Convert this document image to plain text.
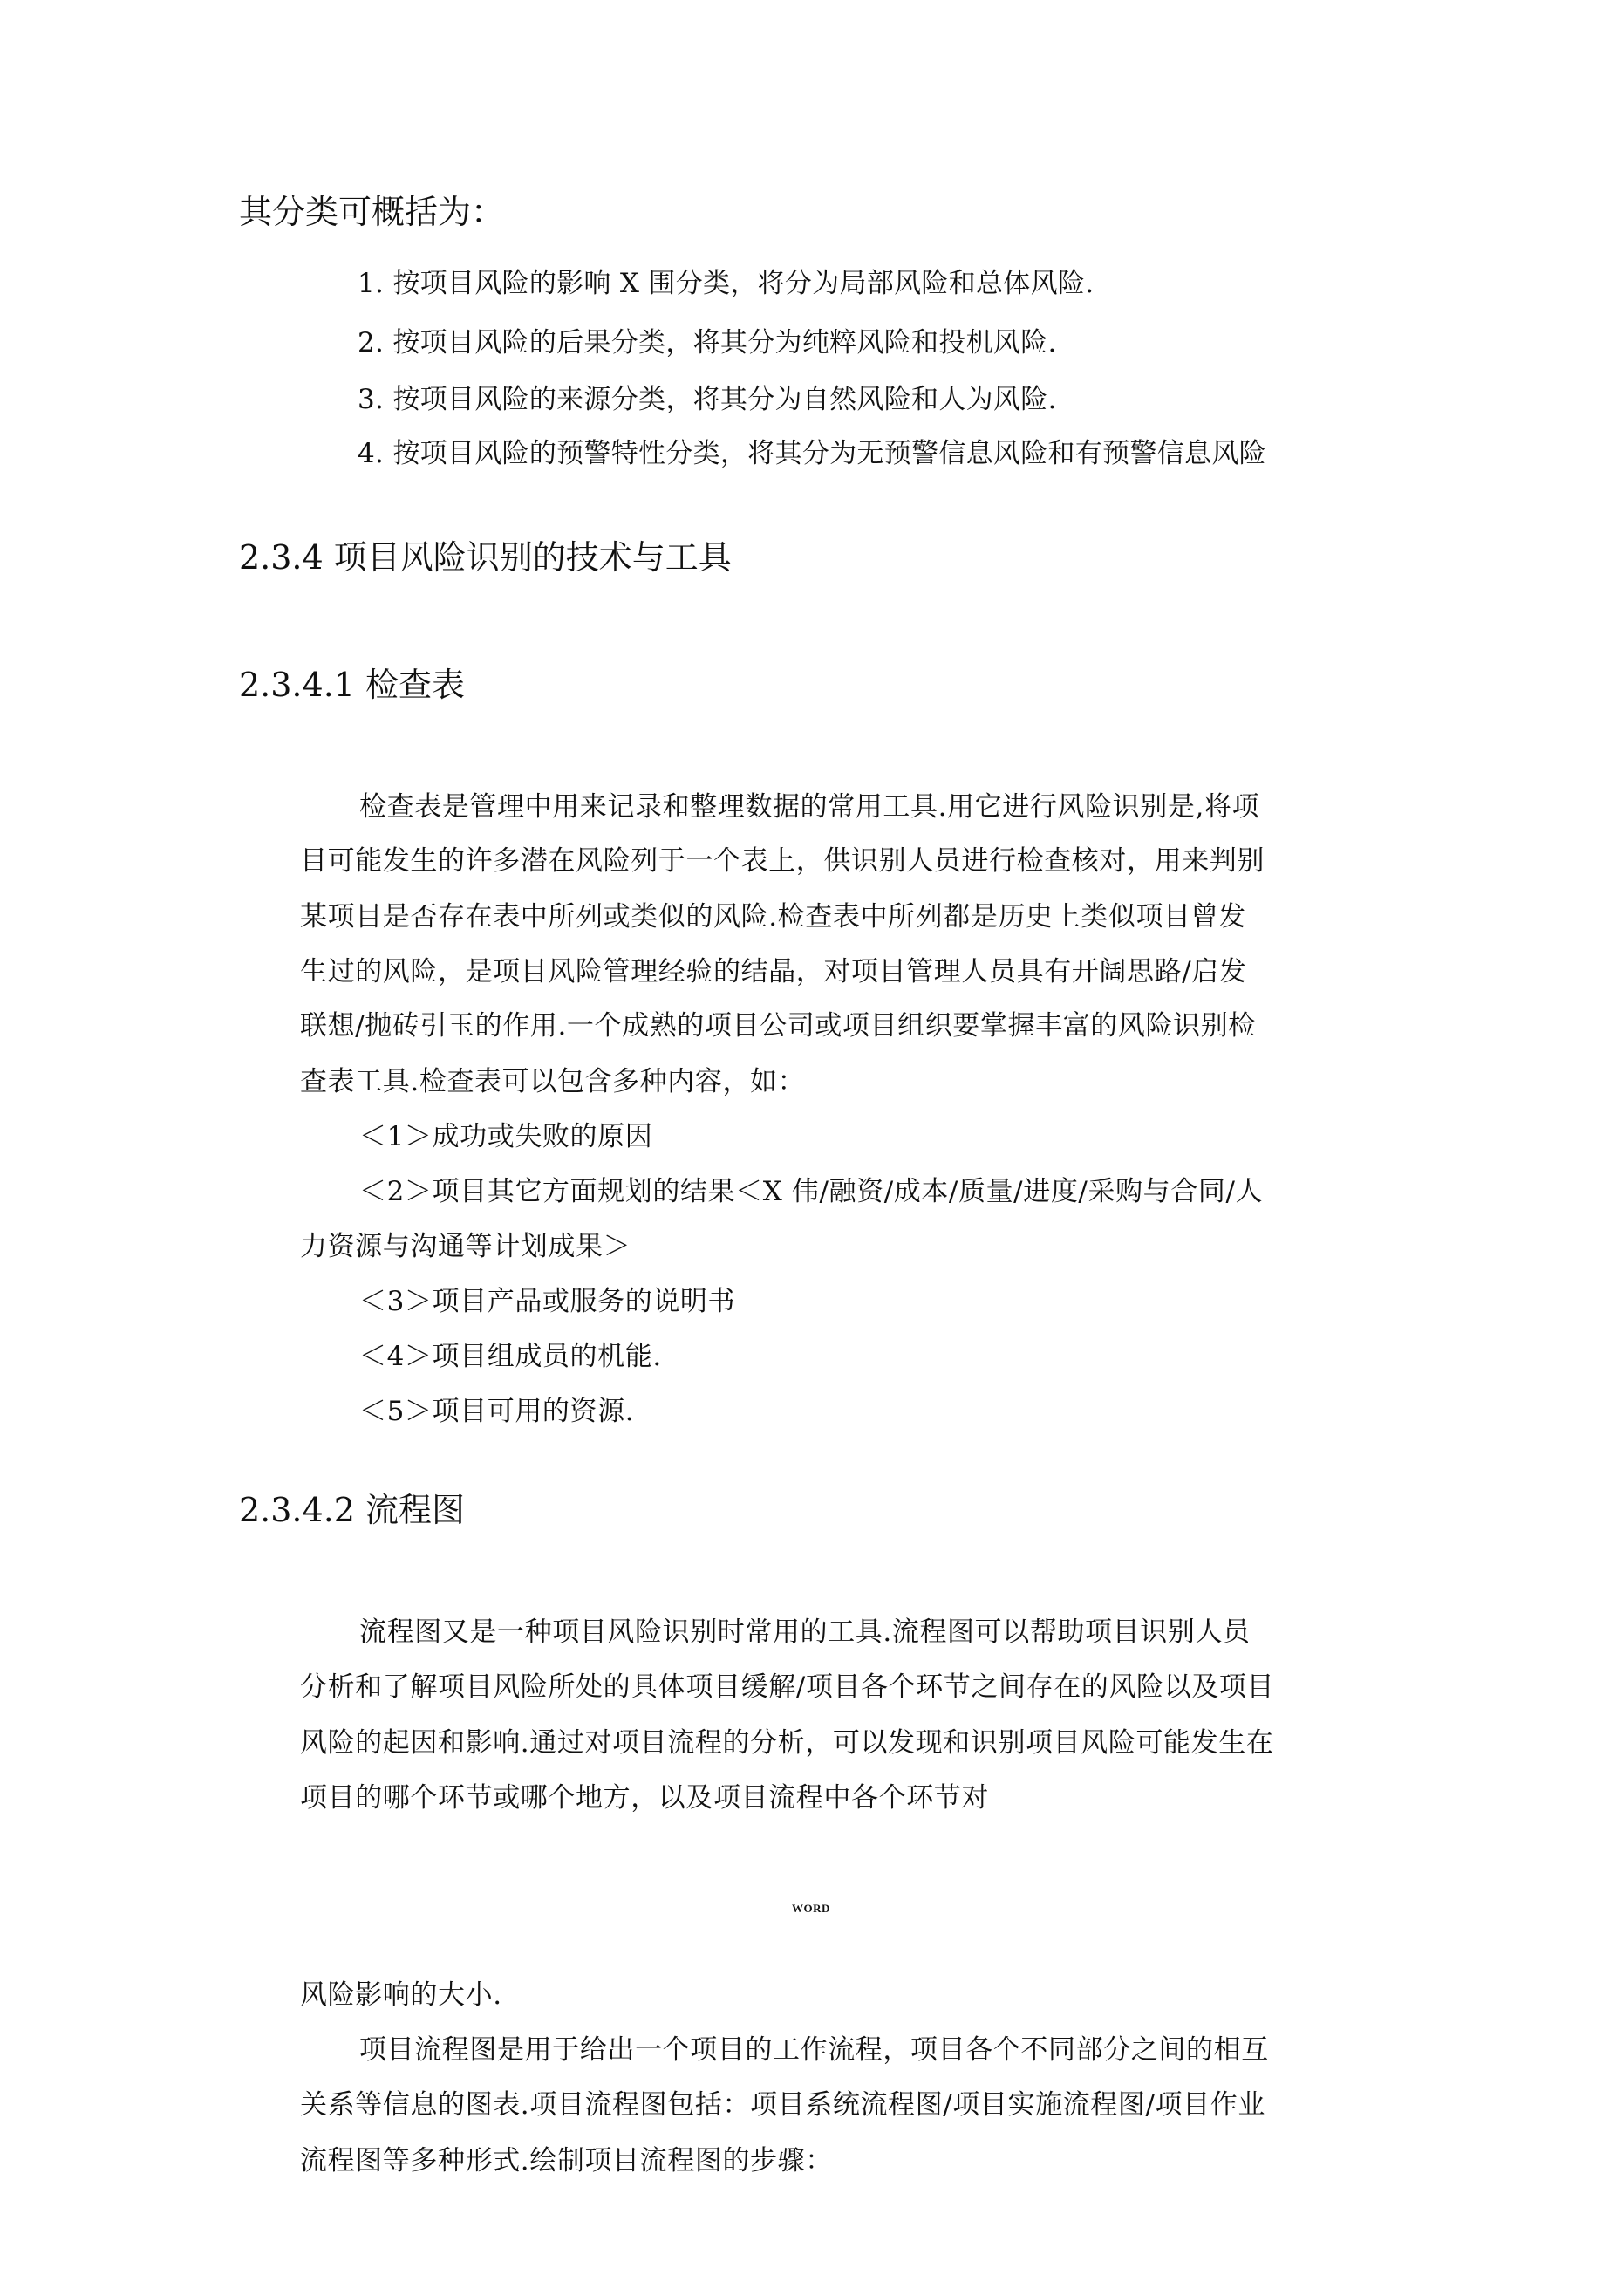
其分类可概括为：
1. 按项目风险的影响 X 围分类，将分为局部风险和总体风险.
2. 按项目风险的后果分类，将其分为纯粹风险和投机风险.
3. 按项目风险的来源分类，将其分为自然风险和人为风险.
4. 按项目风险的预警特性分类，将其分为无预警信息风险和有预警信息风险
2.3.4 项目风险识别的技术与工具
2.3.4.1 检查表
检查表是管理中用来记录和整理数据的常用工具.用它进行风险识别是,将项
目可能发生的许多潜在风险列于一个表上，供识别人员进行检查核对，用来判别
某项目是否存在表中所列或类似的风险.检查表中所列都是历史上类似项目曾发
生过的风险，是项目风险管理经验的结晶，对项目管理人员具有开阔思路/启发
联想/抛砖引玉的作用.一个成熟的项目公司或项目组织要掌握丰富的风险识别检
查表工具.检查表可以包含多种内容，如：
＜1＞成功或失败的原因
＜2＞项目其它方面规划的结果＜X 伟/融资/成本/质量/进度/采购与合同/人
力资源与沟通等计划成果＞
＜3＞项目产品或服务的说明书
＜4＞项目组成员的机能.
＜5＞项目可用的资源.
2.3.4.2 流程图
流程图又是一种项目风险识别时常用的工具.流程图可以帮助项目识别人员
分析和了解项目风险所处的具体项目缓解/项目各个环节之间存在的风险以及项目
风险的起因和影响.通过对项目流程的分析，可以发现和识别项目风险可能发生在
项目的哪个环节或哪个地方，以及项目流程中各个环节对
WORD
风险影响的大小.
项目流程图是用于给出一个项目的工作流程，项目各个不同部分之间的相互
关系等信息的图表.项目流程图包括：项目系统流程图/项目实施流程图/项目作业
流程图等多种形式.绘制项目流程图的步骤：
